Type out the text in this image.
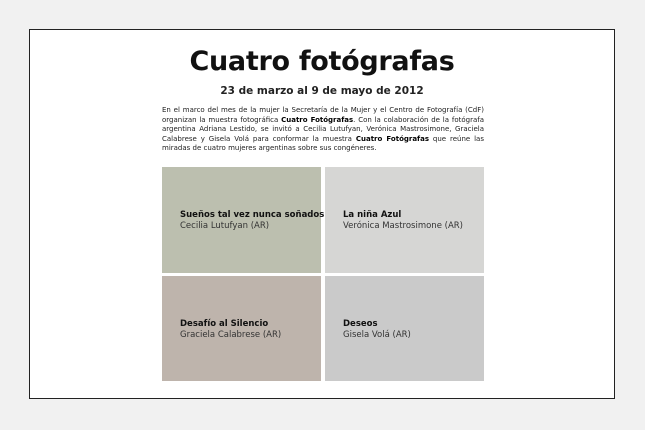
Cuatro fotógrafas
23 de marzo al 9 de mayo de 2012

En el marco del mes de la mujer la Secretaría de la Mujer y el Centro de Fotografía (CdF) organizan la muestra fotográfica Cuatro Fotógrafas. Con la colaboración de la fotógrafa argentina Adriana Lestido, se invitó a Cecilia Lutufyan, Verónica Mastrosimone, Graciela Calabrese y Gisela Volá para conformar la muestra Cuatro Fotógrafas que reúne las miradas de cuatro mujeres argentinas sobre sus congéneres.

Sueños tal vez nunca soñados
Cecilia Lutufyan (AR)
La niña Azul
Verónica Mastrosimone (AR)
Desafío al Silencio
Graciela Calabrese (AR)
Deseos
Gisela Volá (AR)
